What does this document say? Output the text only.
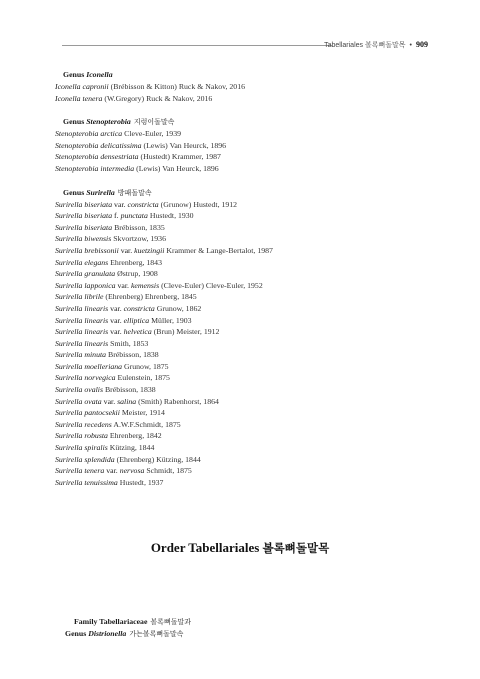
Tabellariales 볼록뼈돌말목 • 909
Genus Iconella
Iconella capronii (Brébisson & Kitton) Ruck & Nakov, 2016
Iconella tenera (W.Gregory) Ruck & Nakov, 2016
Genus Stenopterobia 지렁이돌말속
Stenopterobia arctica Cleve-Euler, 1939
Stenopterobia delicatissima (Lewis) Van Heurck, 1896
Stenopterobia densestriata (Hustedt) Krammer, 1987
Stenopterobia intermedia (Lewis) Van Heurck, 1896
Genus Surirella 방패돌말속
Surirella biseriata var. constricta (Grunow) Hustedt, 1912
Surirella biseriata f. punctata Hustedt, 1930
Surirella biseriata Brébisson, 1835
Surirella biwensis Skvortzow, 1936
Surirella brebissonii var. kuetzingii Krammer & Lange-Bertalot, 1987
Surirella elegans Ehrenberg, 1843
Surirella granulata Østrup, 1908
Surirella lapponica var. kemensis (Cleve-Euler) Cleve-Euler, 1952
Surirella librile (Ehrenberg) Ehrenberg, 1845
Surirella linearis var. constricta Grunow, 1862
Surirella linearis var. elliptica Müller, 1903
Surirella linearis var. helvetica (Brun) Meister, 1912
Surirella linearis Smith, 1853
Surirella minuta Brébisson, 1838
Surirella moelleriana Grunow, 1875
Surirella norvegica Eulenstein, 1875
Surirella ovalis Brébisson, 1838
Surirella ovata var. salina (Smith) Rabenhorst, 1864
Surirella pantocsekii Meister, 1914
Surirella recedens A.W.F.Schmidt, 1875
Surirella robusta Ehrenberg, 1842
Surirella spiralis Kützing, 1844
Surirella splendida (Ehrenberg) Kützing, 1844
Surirella tenera var. nervosa Schmidt, 1875
Surirella tenuissima Hustedt, 1937
Order Tabellariales 볼록뼈돌말목
Family Tabellariaceae 볼록뼈돌말과
Genus Distrionella 가는볼록뼈돌말속
